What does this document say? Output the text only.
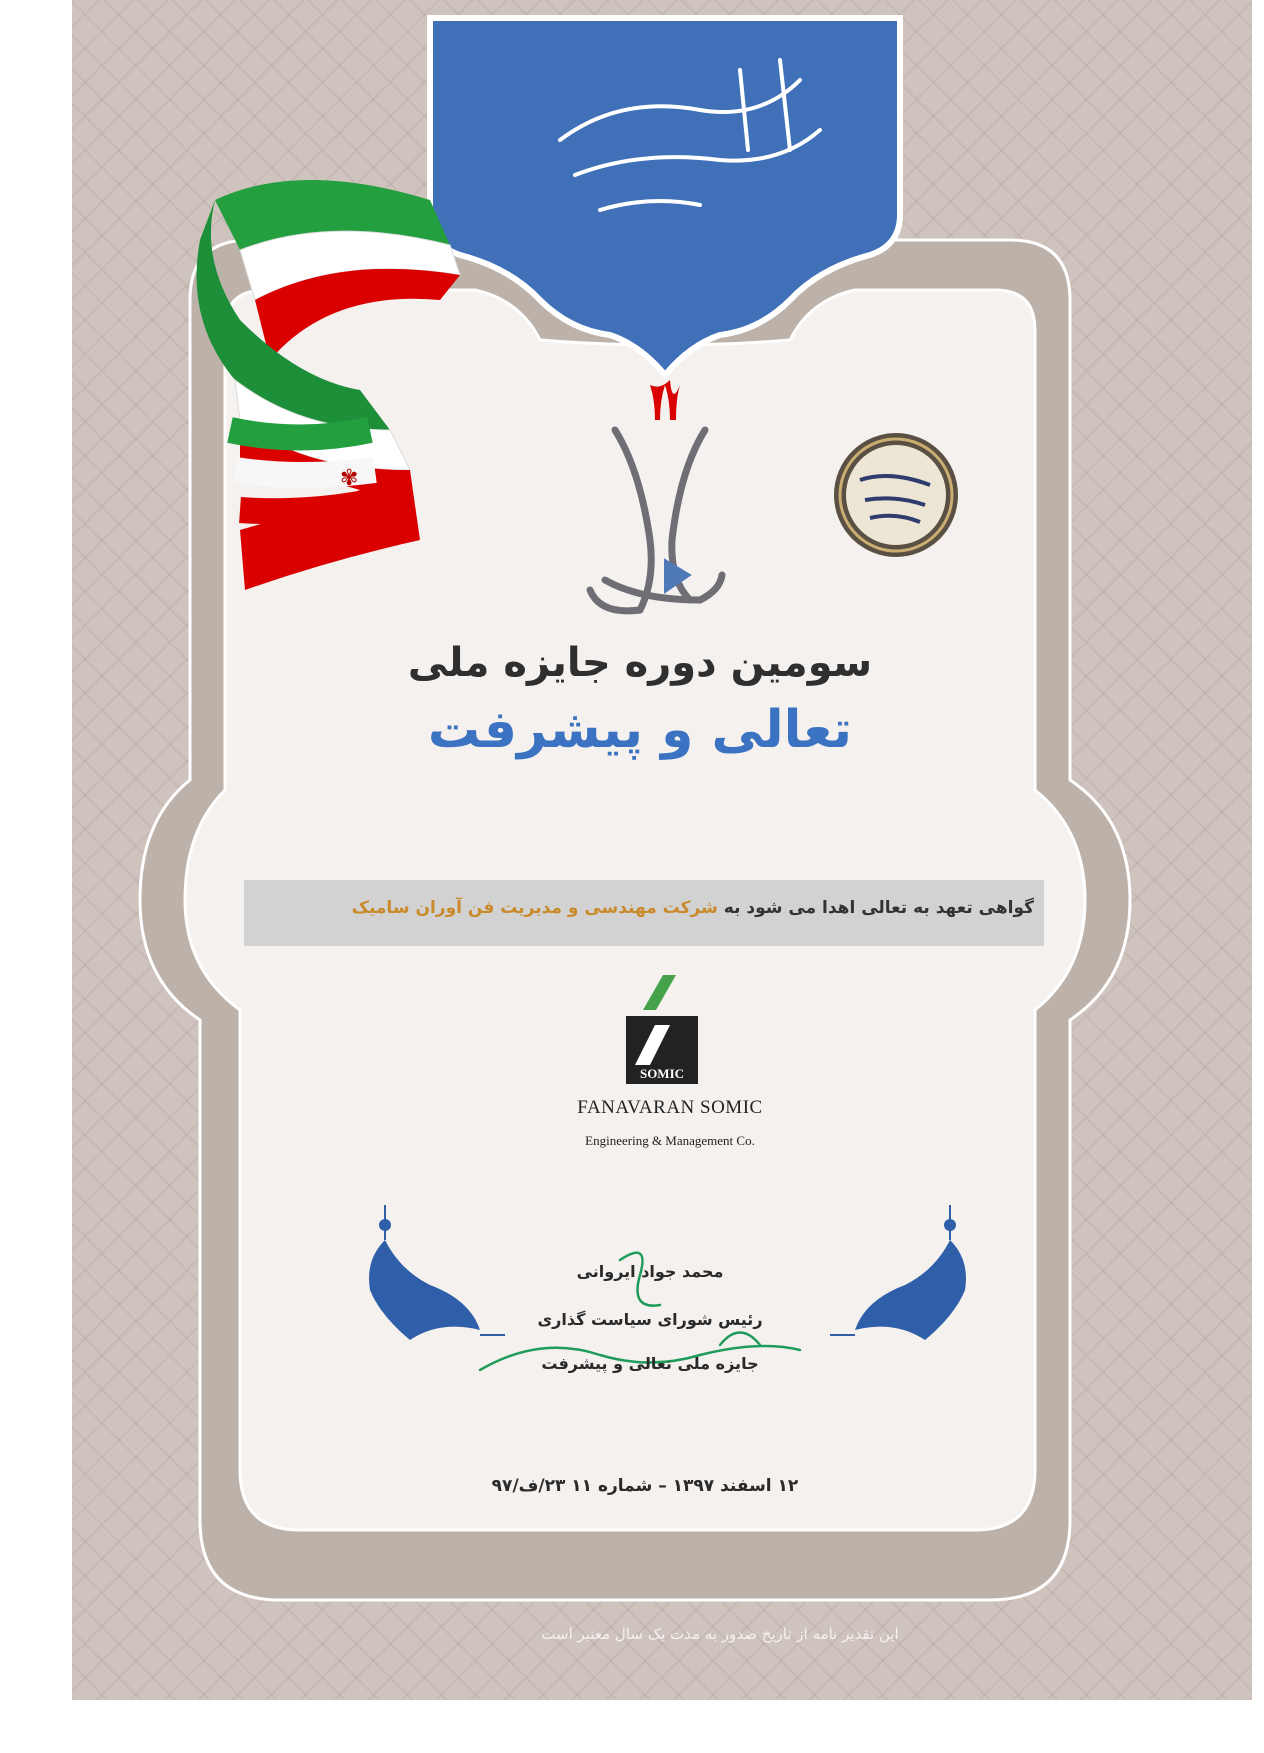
✾
سومین دوره جایزه ملی
تعالی و پیشرفت
گواهی تعهد به تعالی اهدا می شود به شرکت مهندسی و مدیریت فن آوران سامیک
SOMIC
FANAVARAN SOMIC
Engineering & Management Co.
محمد جواد ایروانی
رئیس شورای سیاست گذاری
جایزه ملی تعالی و پیشرفت
۱۲ اسفند ۱۳۹۷ – شماره ۱۱ ۲۳/ف/۹۷
این تقدیر نامه از تاریخ صدور به مدت یک سال معتبر است
